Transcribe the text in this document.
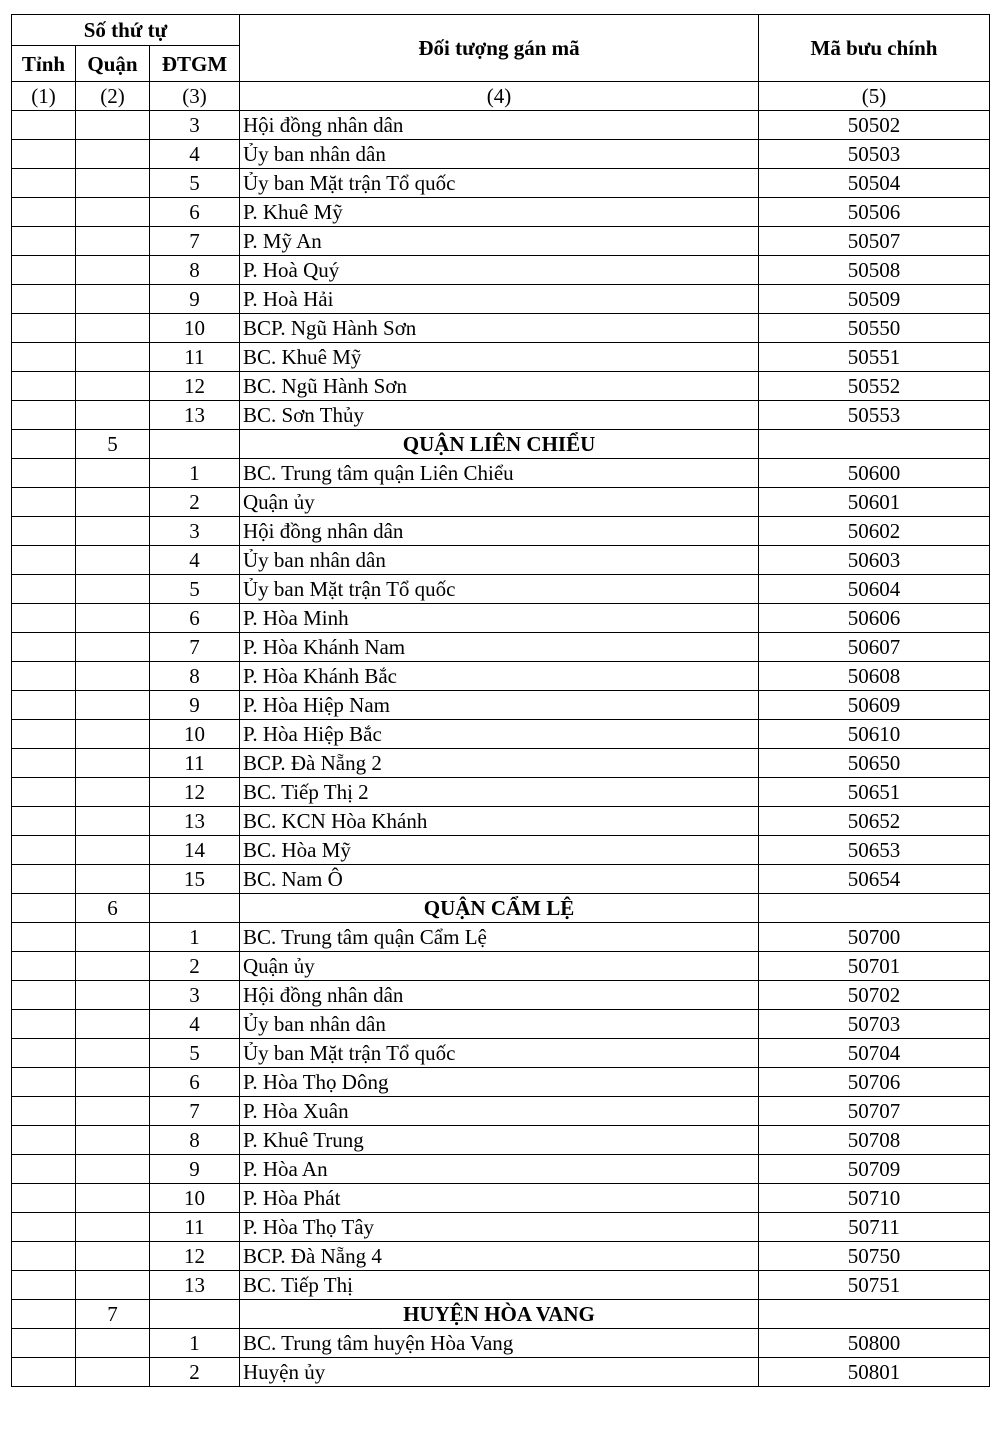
Số thứ tự			Đối tượng gán mã	Mã bưu chính
Tỉnh	Quận	ĐTGM		
(1)	(2)	(3)	(4)	(5)
		3	Hội đồng nhân dân	50502
		4	Ủy ban nhân dân	50503
		5	Ủy ban Mặt trận Tổ quốc	50504
		6	P. Khuê Mỹ	50506
		7	P. Mỹ An	50507
		8	P. Hoà Quý	50508
		9	P. Hoà Hải	50509
		10	BCP. Ngũ Hành Sơn	50550
		11	BC. Khuê Mỹ	50551
		12	BC. Ngũ Hành Sơn	50552
		13	BC. Sơn Thủy	50553
	5		QUẬN LIÊN CHIỂU	
		1	BC. Trung tâm quận Liên Chiểu	50600
		2	Quận ủy	50601
		3	Hội đồng nhân dân	50602
		4	Ủy ban nhân dân	50603
		5	Ủy ban Mặt trận Tổ quốc	50604
		6	P. Hòa Minh	50606
		7	P. Hòa Khánh Nam	50607
		8	P. Hòa Khánh Bắc	50608
		9	P. Hòa Hiệp Nam	50609
		10	P. Hòa Hiệp Bắc	50610
		11	BCP. Đà Nẵng 2	50650
		12	BC. Tiếp Thị 2	50651
		13	BC. KCN Hòa Khánh	50652
		14	BC. Hòa Mỹ	50653
		15	BC. Nam Ô	50654
	6		QUẬN CẨM LỆ	
		1	BC. Trung tâm quận Cẩm Lệ	50700
		2	Quận ủy	50701
		3	Hội đồng nhân dân	50702
		4	Ủy ban nhân dân	50703
		5	Ủy ban Mặt trận Tổ quốc	50704
		6	P. Hòa Thọ Dông	50706
		7	P. Hòa Xuân	50707
		8	P. Khuê Trung	50708
		9	P. Hòa An	50709
		10	P. Hòa Phát	50710
		11	P. Hòa Thọ Tây	50711
		12	BCP. Đà Nẵng 4	50750
		13	BC. Tiếp Thị	50751
	7		HUYỆN HÒA VANG	
		1	BC. Trung tâm huyện Hòa Vang	50800
		2	Huyện ủy	50801
